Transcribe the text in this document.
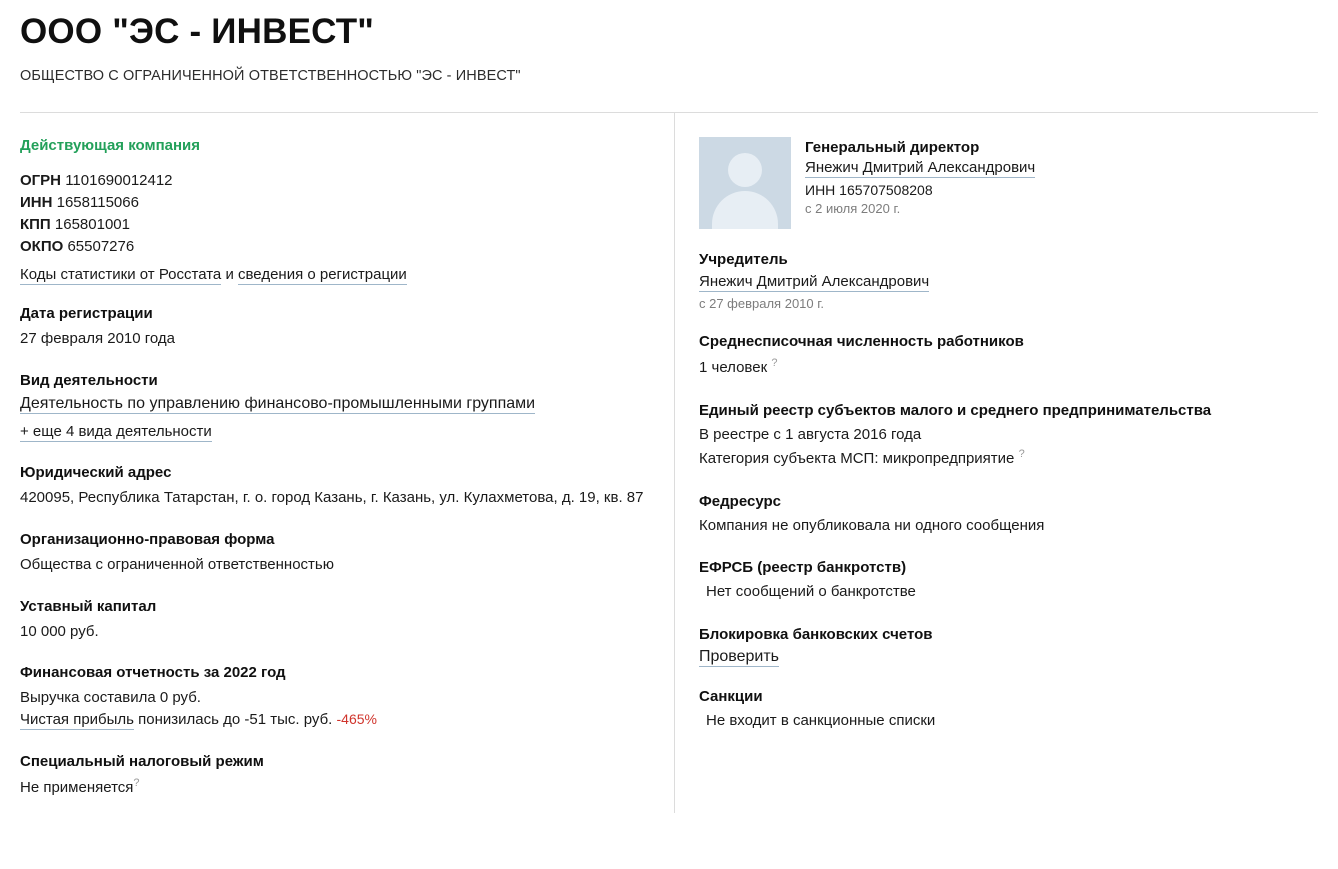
ООО "ЭС - ИНВЕСТ"
ОБЩЕСТВО С ОГРАНИЧЕННОЙ ОТВЕТСТВЕННОСТЬЮ "ЭС - ИНВЕСТ"
Действующая компания
ОГРН 1101690012412
ИНН 1658115066
КПП 165801001
ОКПО 65507276
Коды статистики от Росстата и сведения о регистрации
Дата регистрации
27 февраля 2010 года
Вид деятельности
Деятельность по управлению финансово-промышленными группами
+ еще 4 вида деятельности
Юридический адрес
420095, Республика Татарстан, г. о. город Казань, г. Казань, ул. Кулахметова, д. 19, кв. 87
Организационно-правовая форма
Общества с ограниченной ответственностью
Уставный капитал
10 000 руб.
Финансовая отчетность за 2022 год
Выручка составила 0 руб.
Чистая прибыль понизилась до -51 тыс. руб. -465%
Специальный налоговый режим
Не применяется?
Генеральный директор
Янежич Дмитрий Александрович
ИНН 165707508208
с 2 июля 2020 г.
Учредитель
Янежич Дмитрий Александрович
с 27 февраля 2010 г.
Среднесписочная численность работников
1 человек ?
Единый реестр субъектов малого и среднего предпринимательства
В реестре с 1 августа 2016 года
Категория субъекта МСП: микропредприятие ?
Федресурс
Компания не опубликовала ни одного сообщения
ЕФРСБ (реестр банкротств)
Нет сообщений о банкротстве
Блокировка банковских счетов
Проверить
Санкции
Не входит в санкционные списки
